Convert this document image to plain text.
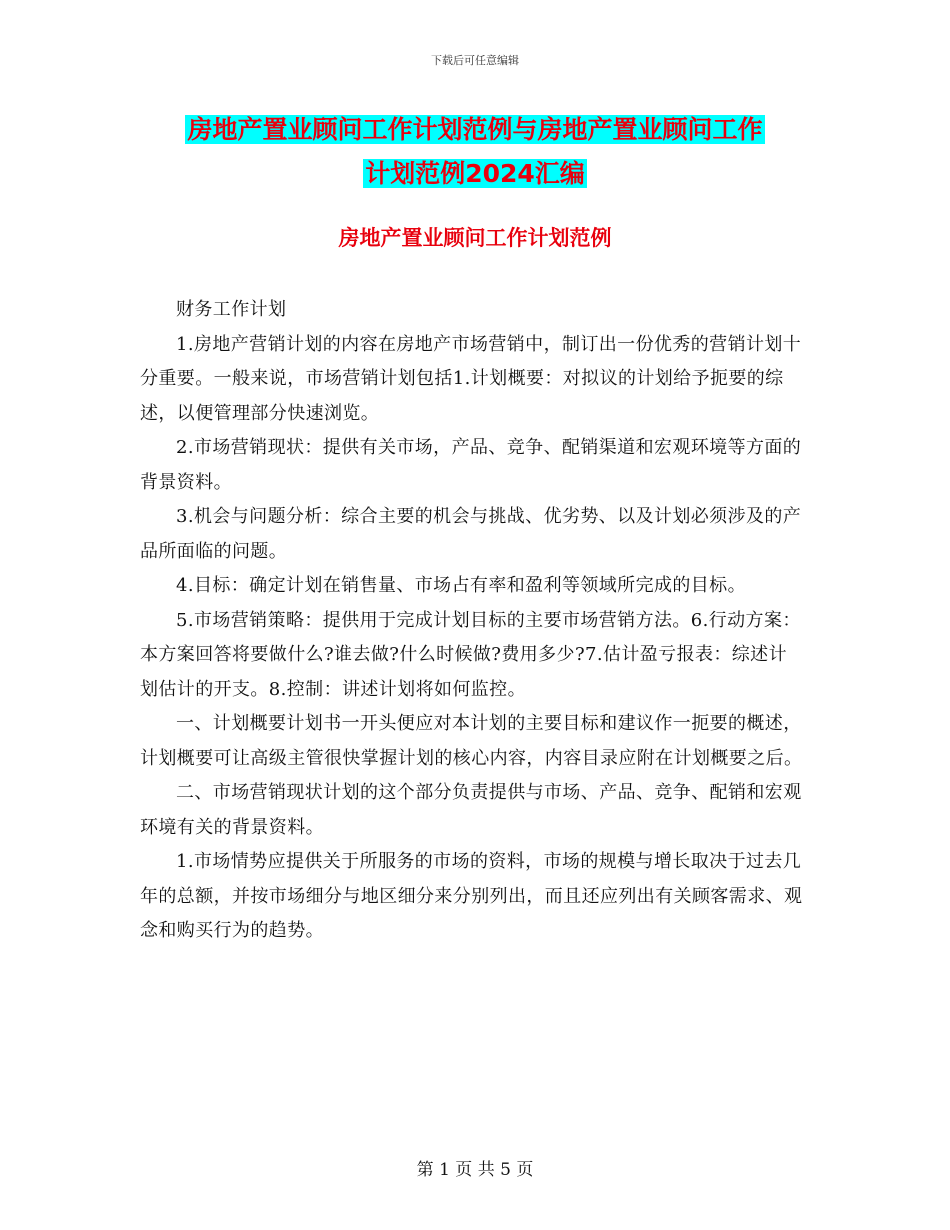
下载后可任意编辑
房地产置业顾问工作计划范例与房地产置业顾问工作
计划范例2024汇编
房地产置业顾问工作计划范例

财务工作计划

1.房地产营销计划的内容在房地产市场营销中，制订出一份优秀的营销计划十分重要。一般来说，市场营销计划包括1.计划概要：对拟议的计划给予扼要的综述，以便管理部分快速浏览。

2.市场营销现状：提供有关市场，产品、竞争、配销渠道和宏观环境等方面的背景资料。

3.机会与问题分析：综合主要的机会与挑战、优劣势、以及计划必须涉及的产品所面临的问题。

4.目标：确定计划在销售量、市场占有率和盈利等领域所完成的目标。

5.市场营销策略：提供用于完成计划目标的主要市场营销方法。6.行动方案：本方案回答将要做什么?谁去做?什么时候做?费用多少?7.估计盈亏报表：综述计划估计的开支。8.控制：讲述计划将如何监控。

一、计划概要计划书一开头便应对本计划的主要目标和建议作一扼要的概述，计划概要可让高级主管很快掌握计划的核心内容，内容目录应附在计划概要之后。

二、市场营销现状计划的这个部分负责提供与市场、产品、竞争、配销和宏观环境有关的背景资料。

1.市场情势应提供关于所服务的市场的资料，市场的规模与增长取决于过去几年的总额，并按市场细分与地区细分来分别列出，而且还应列出有关顾客需求、观念和购买行为的趋势。

第 1 页 共 5 页
